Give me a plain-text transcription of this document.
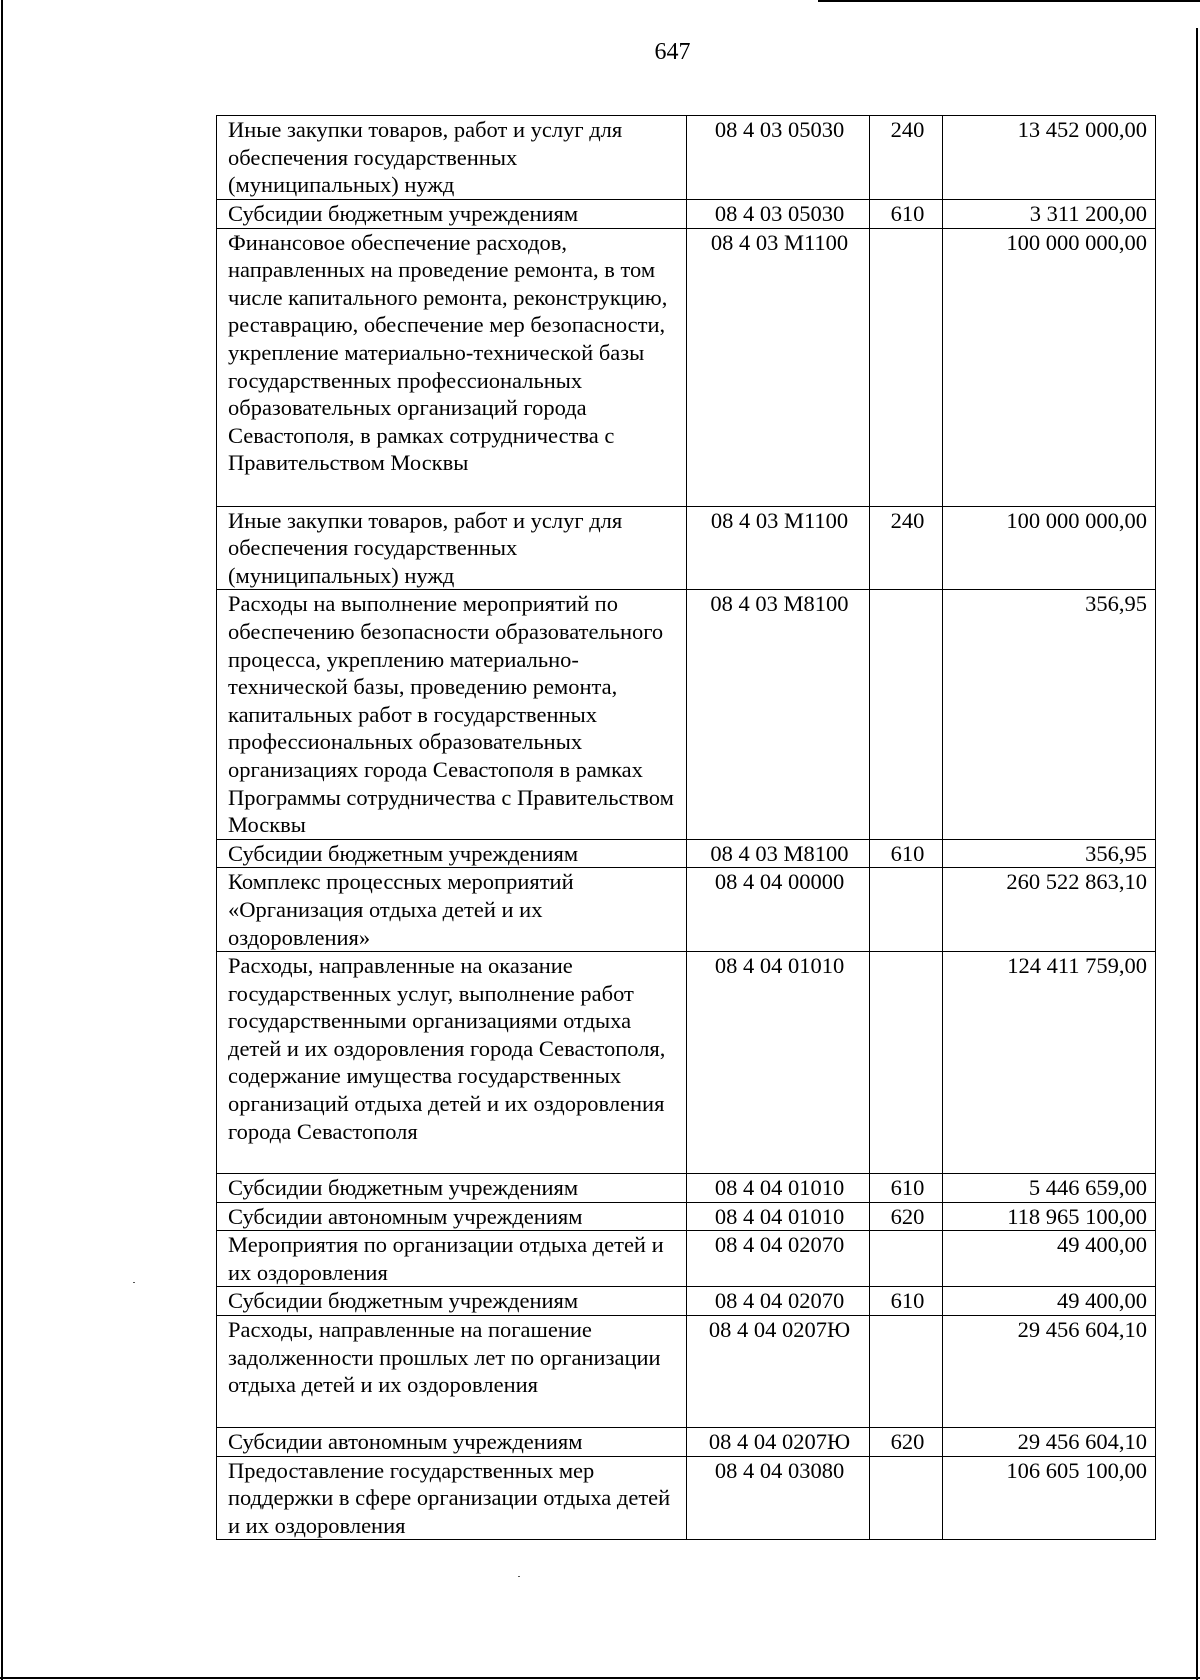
647
Иные закупки товаров, работ и услуг для обеспечения государственных (муниципальных) нужд	08 4 03 05030	240	13 452 000,00
Субсидии бюджетным учреждениям	08 4 03 05030	610	3 311 200,00
Финансовое обеспечение расходов, направленных на проведение ремонта, в том числе капитального ремонта, реконструкцию, реставрацию, обеспечение мер безопасности, укрепление материально-технической базы государственных профессиональных образовательных организаций города Севастополя, в рамках сотрудничества с Правительством Москвы	08 4 03 М1100		100 000 000,00
Иные закупки товаров, работ и услуг для обеспечения государственных (муниципальных) нужд	08 4 03 М1100	240	100 000 000,00
Расходы на выполнение мероприятий по обеспечению безопасности образовательного процесса, укреплению материально-технической базы, проведению ремонта, капитальных работ в государственных профессиональных образовательных организациях города Севастополя в рамках Программы сотрудничества с Правительством Москвы	08 4 03 М8100		356,95
Субсидии бюджетным учреждениям	08 4 03 М8100	610	356,95
Комплекс процессных мероприятий «Организация отдыха детей и их оздоровления»	08 4 04 00000		260 522 863,10
Расходы, направленные на оказание государственных услуг, выполнение работ государственными организациями отдыха детей и их оздоровления города Севастополя, содержание имущества государственных организаций отдыха детей и их оздоровления города Севастополя	08 4 04 01010		124 411 759,00
Субсидии бюджетным учреждениям	08 4 04 01010	610	5 446 659,00
Субсидии автономным учреждениям	08 4 04 01010	620	118 965 100,00
Мероприятия по организации отдыха детей и их оздоровления	08 4 04 02070		49 400,00
Субсидии бюджетным учреждениям	08 4 04 02070	610	49 400,00
Расходы, направленные на погашение задолженности прошлых лет по организации отдыха детей и их оздоровления	08 4 04 0207Ю		29 456 604,10
Субсидии автономным учреждениям	08 4 04 0207Ю	620	29 456 604,10
Предоставление государственных мер поддержки в сфере организации отдыха детей и их оздоровления	08 4 04 03080		106 605 100,00
